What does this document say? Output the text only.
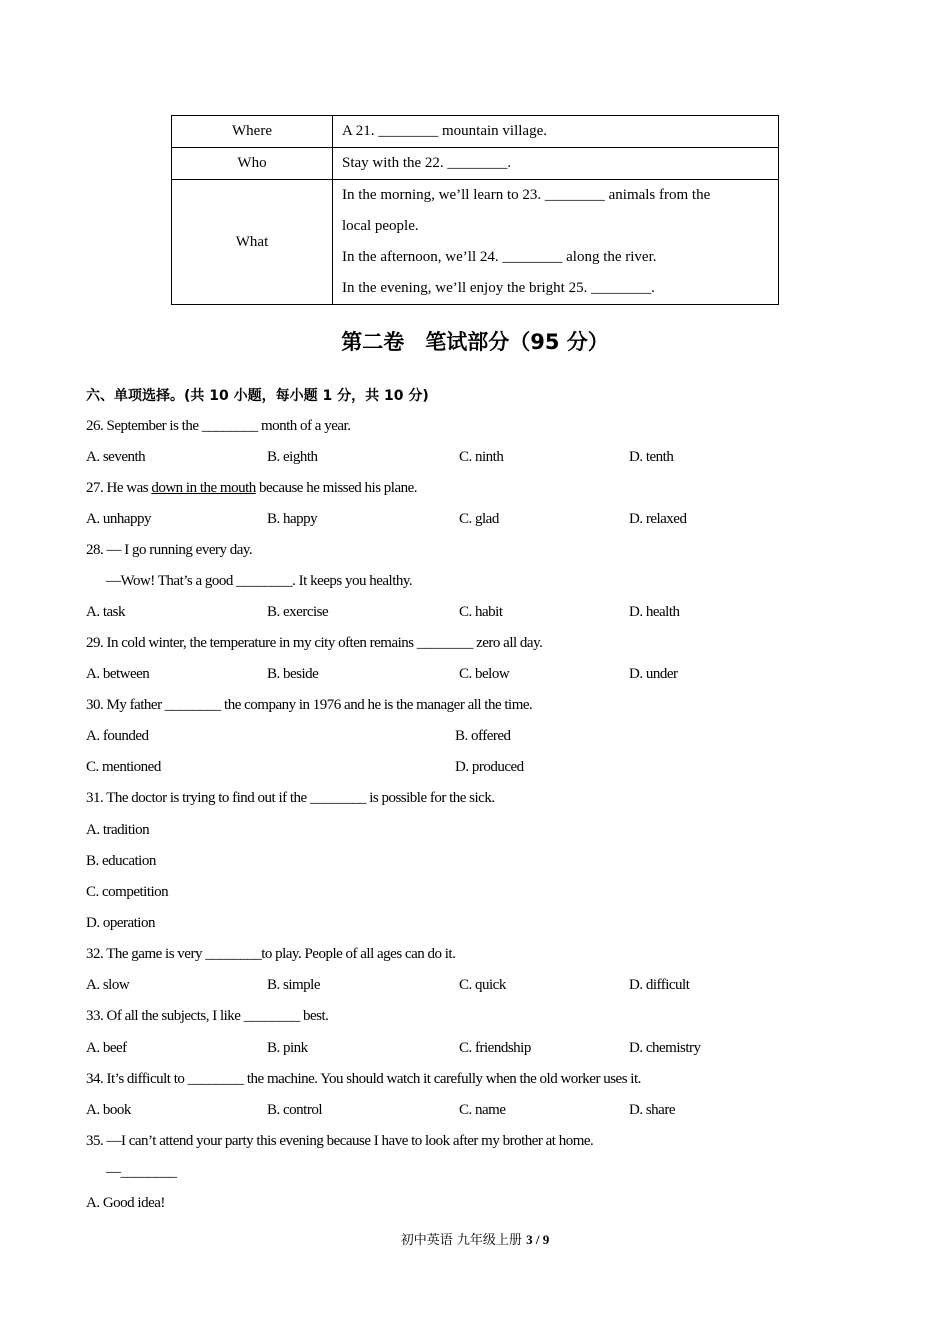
Where	A 21. ________ mountain village.
Who	Stay with the 22. ________.
What	In the morning, we’ll learn to 23. ________ animals from the
local people.
In the afternoon, we’ll 24. ________ along the river.
In the evening, we’ll enjoy the bright 25. ________.
第二卷　笔试部分（95 分）
六、单项选择。(共 10 小题，每小题 1 分，共 10 分)
26. September is the ________ month of a year.
A. seventh	B. eighth	C. ninth	D. tenth
27. He was down in the mouth because he missed his plane.
A. unhappy	B. happy	C. glad	D. relaxed
28. — I go running every day.
—Wow! That’s a good ________. It keeps you healthy.
A. task	B. exercise	C. habit	D. health
29. In cold winter, the temperature in my city often remains ________ zero all day.
A. between	B. beside	C. below	D. under
30. My father ________ the company in 1976 and he is the manager all the time.
A. founded	B. offered
C. mentioned	D. produced
31. The doctor is trying to find out if the ________ is possible for the sick.
A. tradition
B. education
C. competition
D. operation
32. The game is very ________to play. People of all ages can do it.
A. slow	B. simple	C. quick	D. difficult
33. Of all the subjects, I like ________ best.
A. beef	B. pink	C. friendship	D. chemistry
34. It’s difficult to ________ the machine. You should watch it carefully when the old worker uses it.
A. book	B. control	C. name	D. share
35. —I can’t attend your party this evening because I have to look after my brother at home.
—________
A. Good idea!
初中英语 九年级上册 3 / 9
